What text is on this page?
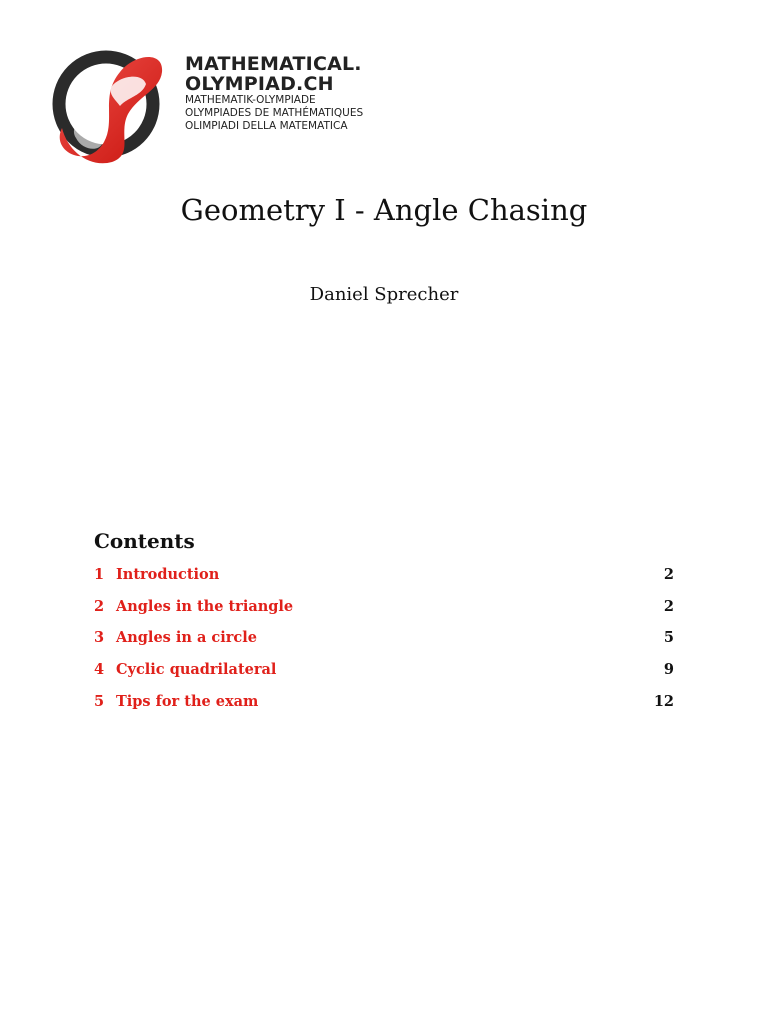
MATHEMATICAL.
OLYMPIAD.CH
MATHEMATIK-OLYMPIADE
OLYMPIADES DE MATHÉMATIQUES
OLIMPIADI DELLA MATEMATICA
Geometry I - Angle Chasing
Daniel Sprecher
Contents
1 Introduction	2
2 Angles in the triangle	2
3 Angles in a circle	5
4 Cyclic quadrilateral	9
5 Tips for the exam	12
